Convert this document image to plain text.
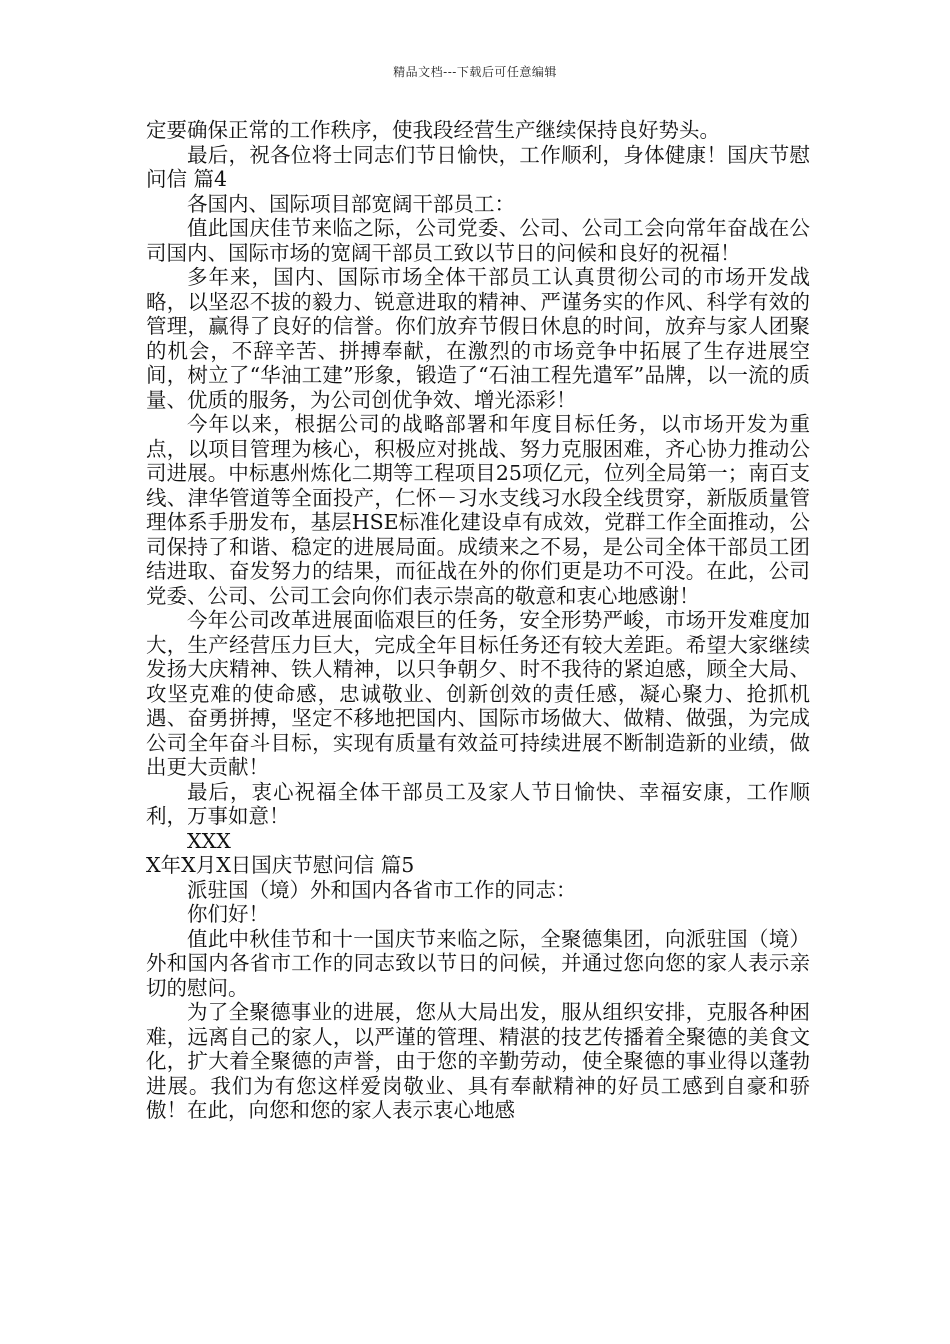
精品文档---下载后可任意编辑

定要确保正常的工作秩序，使我段经营生产继续保持良好势头。

最后，祝各位将士同志们节日愉快，工作顺利，身体健康！国庆节慰问信 篇4

各国内、国际项目部宽阔干部员工：

值此国庆佳节来临之际，公司党委、公司、公司工会向常年奋战在公司国内、国际市场的宽阔干部员工致以节日的问候和良好的祝福！

多年来，国内、国际市场全体干部员工认真贯彻公司的市场开发战略，以坚忍不拔的毅力、锐意进取的精神、严谨务实的作风、科学有效的管理，赢得了良好的信誉。你们放弃节假日休息的时间，放弃与家人团聚的机会，不辞辛苦、拼搏奉献，在激烈的市场竞争中拓展了生存进展空间，树立了“华油工建”形象，锻造了“石油工程先遣军”品牌，以一流的质量、优质的服务，为公司创优争效、增光添彩！

今年以来，根据公司的战略部署和年度目标任务，以市场开发为重点，以项目管理为核心，积极应对挑战、努力克服困难，齐心协力推动公司进展。中标惠州炼化二期等工程项目25项亿元，位列全局第一；南百支线、津华管道等全面投产，仁怀－习水支线习水段全线贯穿，新版质量管理体系手册发布，基层HSE标准化建设卓有成效，党群工作全面推动，公司保持了和谐、稳定的进展局面。成绩来之不易，是公司全体干部员工团结进取、奋发努力的结果，而征战在外的你们更是功不可没。在此，公司党委、公司、公司工会向你们表示崇高的敬意和衷心地感谢！

今年公司改革进展面临艰巨的任务，安全形势严峻，市场开发难度加大，生产经营压力巨大，完成全年目标任务还有较大差距。希望大家继续发扬大庆精神、铁人精神，以只争朝夕、时不我待的紧迫感，顾全大局、攻坚克难的使命感，忠诚敬业、创新创效的责任感，凝心聚力、抢抓机遇、奋勇拼搏，坚定不移地把国内、国际市场做大、做精、做强，为完成公司全年奋斗目标，实现有质量有效益可持续进展不断制造新的业绩，做出更大贡献！

最后，衷心祝福全体干部员工及家人节日愉快、幸福安康，工作顺利，万事如意！

XXX

X年X月X日国庆节慰问信 篇5

派驻国（境）外和国内各省市工作的同志：

你们好！

值此中秋佳节和十一国庆节来临之际，全聚德集团，向派驻国（境）外和国内各省市工作的同志致以节日的问候，并通过您向您的家人表示亲切的慰问。

为了全聚德事业的进展，您从大局出发，服从组织安排，克服各种困难，远离自己的家人，以严谨的管理、精湛的技艺传播着全聚德的美食文化，扩大着全聚德的声誉，由于您的辛勤劳动，使全聚德的事业得以蓬勃进展。我们为有您这样爱岗敬业、具有奉献精神的好员工感到自豪和骄傲！在此，向您和您的家人表示衷心地感
